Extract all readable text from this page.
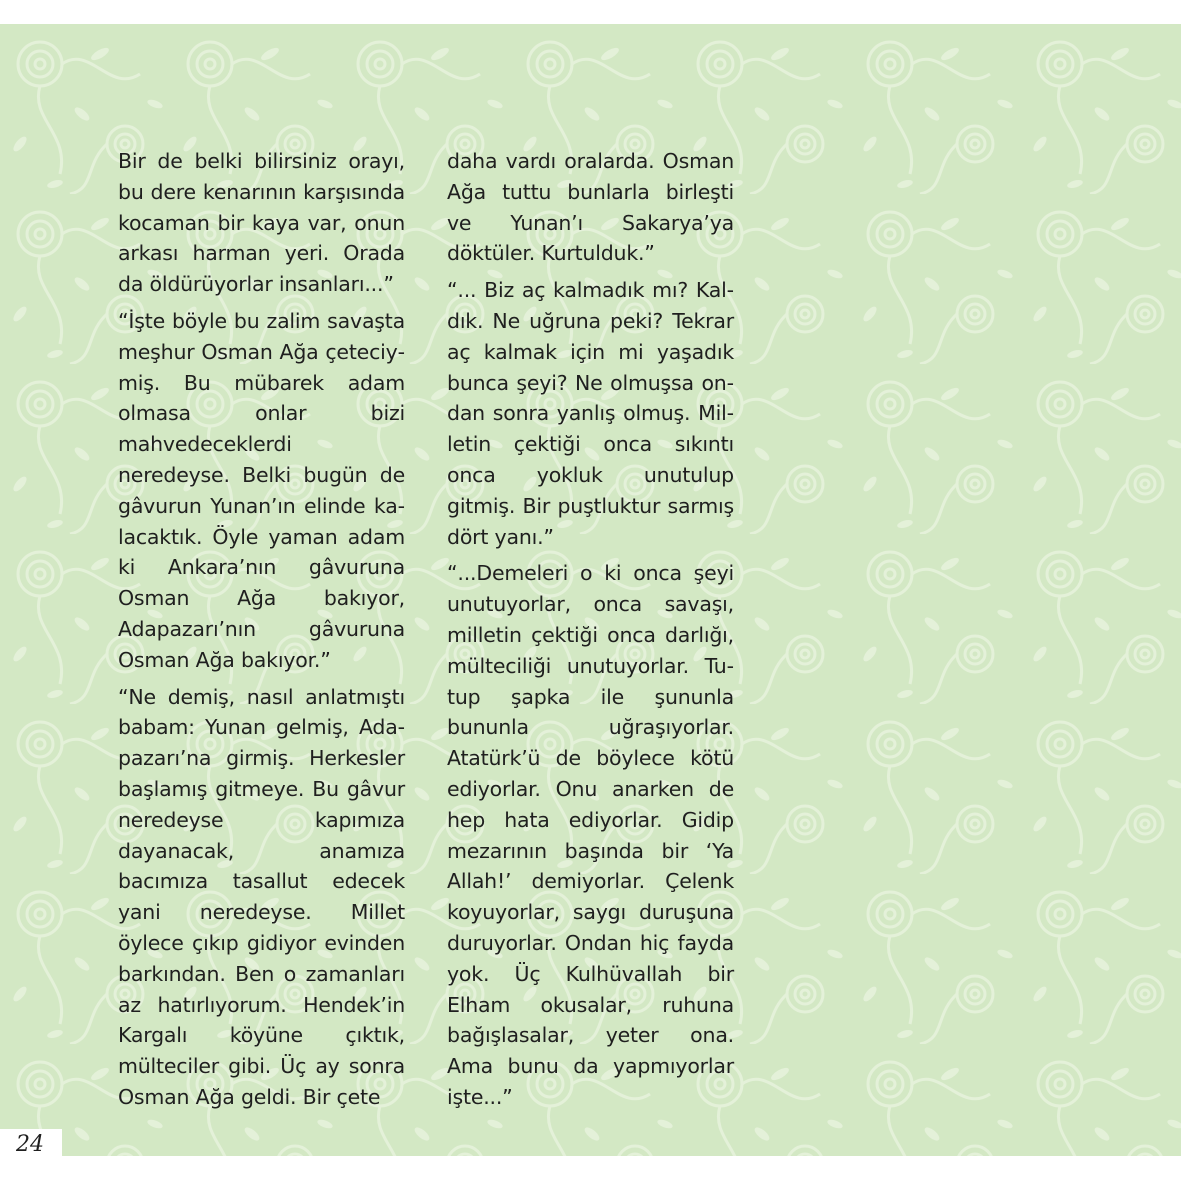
Bir de belki bilirsiniz orayı, bu dere kenarının karşısında kocaman bir kaya var, onun arkası harman yeri. Orada da öldürüyorlar insanları...”

“İşte böyle bu zalim savaşta meşhur Osman Ağa çeteciymiş. Bu mübarek adam olmasa onlar bizi mahvedeceklerdi neredeyse. Belki bugün de gâvurun Yunan’ın elinde kalacaktık. Öyle yaman adam ki Ankara’nın gâvuruna Osman Ağa bakıyor, Adapazarı’nın gâvuruna Osman Ağa bakıyor.”

“Ne demiş, nasıl anlatmıştı babam: Yunan gelmiş, Adapazarı’na girmiş. Herkesler başlamış gitmeye. Bu gâvur neredeyse kapımıza dayanacak, anamıza bacımıza tasallut edecek yani neredeyse. Millet öylece çıkıp gidiyor evinden barkından. Ben o zamanları az hatırlıyorum. Hendek’in Kargalı köyüne çıktık, mülteciler gibi. Üç ay sonra Osman Ağa geldi. Bir çete

daha vardı oralarda. Osman Ağa tuttu bunlarla birleşti ve Yunan’ı Sakarya’ya döktüler. Kurtulduk.”

“... Biz aç kalmadık mı? Kaldık. Ne uğruna peki? Tekrar aç kalmak için mi yaşadık bunca şeyi? Ne olmuşsa ondan sonra yanlış olmuş. Milletin çektiği onca sıkıntı onca yokluk unutulup gitmiş. Bir puştluktur sarmış dört yanı.”

“...Demeleri o ki onca şeyi unutuyorlar, onca savaşı, milletin çektiği onca darlığı, mülteciliği unutuyorlar. Tutup şapka ile şununla bununla uğraşıyorlar. Atatürk’ü de böylece kötü ediyorlar. Onu anarken de hep hata ediyorlar. Gidip mezarının başında bir ‘Ya Allah!’ demiyorlar. Çelenk koyuyorlar, saygı duruşuna duruyorlar. Ondan hiç fayda yok. Üç Kulhüvallah bir Elham okusalar, ruhuna bağışlasalar, yeter ona. Ama bunu da yapmıyorlar işte...”

24
